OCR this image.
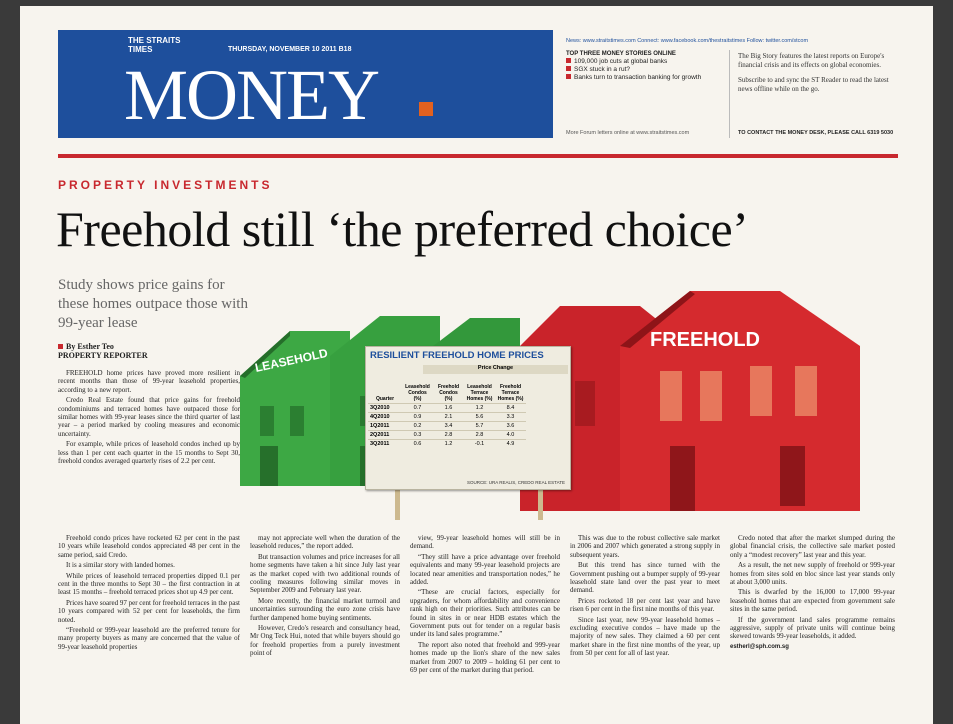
THE STRAITS TIMES	THURSDAY, NOVEMBER 10 2011 B18
MONEY
News: www.straitstimes.com Connect: www.facebook.com/thestraitstimes Follow: twitter.com/stcom
TOP THREE MONEY STORIES ONLINE
109,000 job cuts at global banks
SGX stuck in a rut?
Banks turn to transaction banking for growth
The Big Story features the latest reports on Europe's financial crisis and its effects on global economies.
Subscribe to and sync the ST Reader to read the latest news offline while on the go.
More Forum letters online at www.straitstimes.com	TO CONTACT THE MONEY DESK, PLEASE CALL 6319 5030
PROPERTY INVESTMENTS
Freehold still ‘the preferred choice’
Study shows price gains for these homes outpace those with 99-year lease
By Esther Teo
PROPERTY REPORTER	LEASEHOLD
FREEHOLD
RESILIENT FREEHOLD HOME PRICES
Price Change
Quarter	Leasehold Condos (%)	Freehold Condos (%)	Leasehold Terrace Homes (%)	Freehold Terrace Homes (%)
3Q2010	0.7	1.6	1.2	8.4
4Q2010	0.9	2.1	5.6	3.3
1Q2011	0.2	3.4	5.7	3.6
2Q2011	0.3	2.8	2.8	4.0
3Q2011	0.6	1.2	-0.1	4.9
SOURCE: URA REALIS, CREDO REAL ESTATE

FREEHOLD home prices have proved more resilient in recent months than those of 99-year leasehold properties, according to a new report.

Credo Real Estate found that price gains for freehold condominiums and terraced homes have outpaced those for similar homes with 99-year leases since the third quarter of last year – a period marked by cooling measures and economic uncertainty.

For example, while prices of leasehold condos inched up by less than 1 per cent each quarter in the 15 months to Sept 30, freehold condos averaged quarterly rises of 2.2 per cent.

Freehold condo prices have rocketed 62 per cent in the past 10 years while leasehold condos appreciated 48 per cent in the same period, said Credo.

It is a similar story with landed homes.

While prices of leasehold terraced properties dipped 0.1 per cent in the three months to Sept 30 – the first contraction in at least 15 months – freehold terraced prices shot up 4.9 per cent.

Prices have soared 97 per cent for freehold terraces in the past 10 years compared with 52 per cent for leaseholds, the firm noted.

“Freehold or 999-year leasehold are the preferred tenure for many property buyers as many are concerned that the value of 99-year leasehold properties

may not appreciate well when the duration of the leasehold reduces,” the report added.

But transaction volumes and price increases for all home segments have taken a hit since July last year as the market coped with two additional rounds of cooling measures following similar moves in September 2009 and February last year.

More recently, the financial market turmoil and uncertainties surrounding the euro zone crisis have further dampened home buying sentiments.

However, Credo's research and consultancy head, Mr Ong Teck Hui, noted that while buyers should go for freehold properties from a purely investment point of

view, 99-year leasehold homes will still be in demand.

“They still have a price advantage over freehold equivalents and many 99-year leasehold projects are located near amenities and transportation nodes,” he added.

“These are crucial factors, especially for upgraders, for whom affordability and convenience rank high on their priorities. Such attributes can be found in sites in or near HDB estates which the Government puts out for tender on a regular basis under its land sales programme.”

The report also noted that freehold and 999-year homes made up the lion's share of the new sales market from 2007 to 2009 – holding 61 per cent to 69 per cent of the market during that period.

This was due to the robust collective sale market in 2006 and 2007 which generated a strong supply in subsequent years.

But this trend has since turned with the Government pushing out a bumper supply of 99-year leasehold state land over the past year to meet demand.

Prices rocketed 18 per cent last year and have risen 6 per cent in the first nine months of this year.

Since last year, new 99-year leasehold homes – excluding executive condos – have made up the majority of new sales. They claimed a 60 per cent market share in the first nine months of the year, up from 50 per cent for all of last year.

Credo noted that after the market slumped during the global financial crisis, the collective sale market posted only a “modest recovery” last year and this year.

As a result, the net new supply of freehold or 999-year homes from sites sold en bloc since last year stands only at about 3,000 units.

This is dwarfed by the 16,000 to 17,000 99-year leasehold homes that are expected from government sale sites in the same period.

If the government land sales programme remains aggressive, supply of private units will continue being skewed towards 99-year leaseholds, it added.

estherl@sph.com.sg
